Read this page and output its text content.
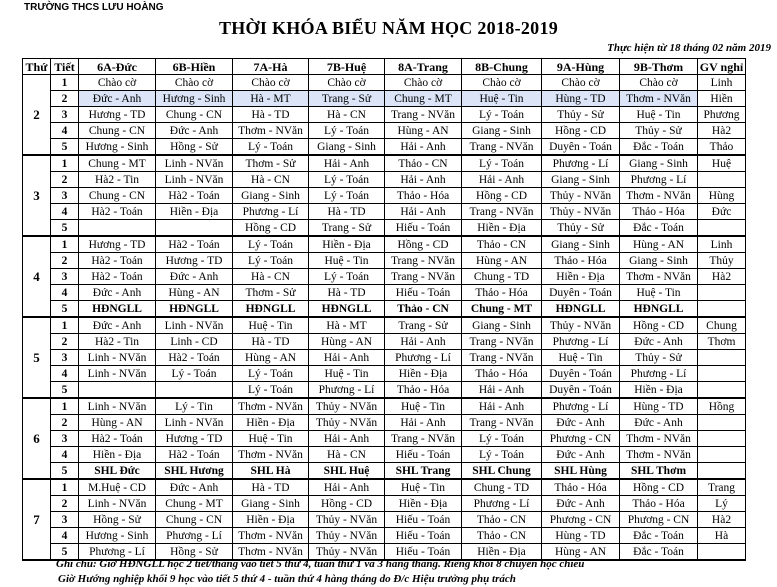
TRƯỜNG THCS LƯU HOÀNG
THỜI KHÓA BIỂU NĂM HỌC 2018-2019
Thực hiện từ 18 tháng 02 năm 2019
Thứ	Tiết	6A-Đức	6B-Hiền	7A-Hà	7B-Huệ	8A-Trang	8B-Chung	9A-Hùng	9B-Thơm	GV nghỉ
2	1	Chào cờ	Chào cờ	Chào cờ	Chào cờ	Chào cờ	Chào cờ	Chào cờ	Chào cờ	Linh
	2	Đức - Anh	Hương - Sinh	Hà - MT	Trang - Sử	Chung - MT	Huệ - Tin	Hùng - TD	Thơm - NVăn	Hiền
	3	Hương - TD	Chung - CN	Hà - TD	Hà - CN	Trang - NVăn	Lý - Toán	Thủy - Sử	Huệ - Tin	Phương
	4	Chung - CN	Đức - Anh	Thơm - NVăn	Lý - Toán	Hùng - AN	Giang - Sinh	Hồng - CD	Thủy - Sử	Hà2
	5	Hương - Sinh	Hồng - Sử	Lý - Toán	Giang - Sinh	Hải - Anh	Trang - NVăn	Duyên - Toán	Đắc - Toán	Thảo
3	1	Chung - MT	Linh - NVăn	Thơm - Sử	Hải - Anh	Thảo - CN	Lý - Toán	Phương - Lí	Giang - Sinh	Huệ
	2	Hà2 - Tin	Linh - NVăn	Hà - CN	Lý - Toán	Hải - Anh	Hải - Anh	Giang - Sinh	Phương - Lí	
	3	Chung - CN	Hà2 - Toán	Giang - Sinh	Lý - Toán	Thảo - Hóa	Hồng - CD	Thủy - NVăn	Thơm - NVăn	Hùng
	4	Hà2 - Toán	Hiền - Địa	Phương - Lí	Hà - TD	Hải - Anh	Trang - NVăn	Thủy - NVăn	Thảo - Hóa	Đức
	5			Hồng - CD	Trang - Sử	Hiếu - Toán	Hiền - Địa	Thủy - Sử	Đắc - Toán	
4	1	Hương - TD	Hà2 - Toán	Lý - Toán	Hiền - Địa	Hồng - CD	Thảo - CN	Giang - Sinh	Hùng - AN	Linh
	2	Hà2 - Toán	Hương - TD	Lý - Toán	Huệ - Tin	Trang - NVăn	Hùng - AN	Thảo - Hóa	Giang - Sinh	Thủy
	3	Hà2 - Toán	Đức - Anh	Hà - CN	Lý - Toán	Trang - NVăn	Chung - TD	Hiền - Địa	Thơm - NVăn	Hà2
	4	Đức - Anh	Hùng - AN	Thơm - Sử	Hà - TD	Hiếu - Toán	Thảo - Hóa	Duyên - Toán	Huệ - Tin	
	5	HĐNGLL	HĐNGLL	HĐNGLL	HĐNGLL	Thảo - CN	Chung - MT	HĐNGLL	HĐNGLL	
5	1	Đức - Anh	Linh - NVăn	Huệ - Tin	Hà - MT	Trang - Sử	Giang - Sinh	Thủy - NVăn	Hồng - CD	Chung
	2	Hà2 - Tin	Linh - CD	Hà - TD	Hùng - AN	Hải - Anh	Trang - NVăn	Phương - Lí	Đức - Anh	Thơm
	3	Linh - NVăn	Hà2 - Toán	Hùng - AN	Hải - Anh	Phương - Lí	Trang - NVăn	Huệ - Tin	Thủy - Sử	
	4	Linh - NVăn	Lý - Toán	Lý - Toán	Huệ - Tin	Hiền - Địa	Thảo - Hóa	Duyên - Toán	Phương - Lí	
	5			Lý - Toán	Phương - Lí	Thảo - Hóa	Hải - Anh	Duyên - Toán	Hiền - Địa	
6	1	Linh - NVăn	Lý - Tin	Thơm - NVăn	Thủy - NVăn	Huệ - Tin	Hải - Anh	Phương - Lí	Hùng - TD	Hồng
	2	Hùng - AN	Linh - NVăn	Hiền - Địa	Thủy - NVăn	Hải - Anh	Trang - NVăn	Đức - Anh	Đức - Anh	
	3	Hà2 - Toán	Hương - TD	Huệ - Tin	Hải - Anh	Trang - NVăn	Lý - Toán	Phương - CN	Thơm - NVăn	
	4	Hiền - Địa	Hà2 - Toán	Thơm - NVăn	Hà - CN	Hiếu - Toán	Lý - Toán	Đức - Anh	Thơm - NVăn	
	5	SHL Đức	SHL Hương	SHL Hà	SHL Huệ	SHL Trang	SHL Chung	SHL Hùng	SHL Thơm	
7	1	M.Huệ - CD	Đức - Anh	Hà - TD	Hải - Anh	Huệ - Tin	Chung - TD	Thảo - Hóa	Hồng - CD	Trang
	2	Linh - NVăn	Chung - MT	Giang - Sinh	Hồng - CD	Hiền - Địa	Phương - Lí	Đức - Anh	Thảo - Hóa	Lý
	3	Hồng - Sử	Chung - CN	Hiền - Địa	Thủy - NVăn	Hiếu - Toán	Thảo - CN	Phương - CN	Phương - CN	Hà2
	4	Hương - Sinh	Phương - Lí	Thơm - NVăn	Thủy - NVăn	Hiếu - Toán	Thảo - CN	Hùng - TD	Đắc - Toán	Hà
	5	Phương - Lí	Hồng - Sử	Thơm - NVăn	Thủy - NVăn	Hiếu - Toán	Hiền - Địa	Hùng - AN	Đắc - Toán	
Ghi chú: Giờ HĐNGLL học 2 tiết/tháng vào tiết 5 thứ 4, tuần thứ 1 và 3 hàng tháng. Riêng khối 8 chuyển học chiều
Giờ Hướng nghiệp khối 9 học vào tiết 5 thứ 4 - tuần thứ 4 hàng tháng do Đ/c Hiệu trưởng phụ trách
